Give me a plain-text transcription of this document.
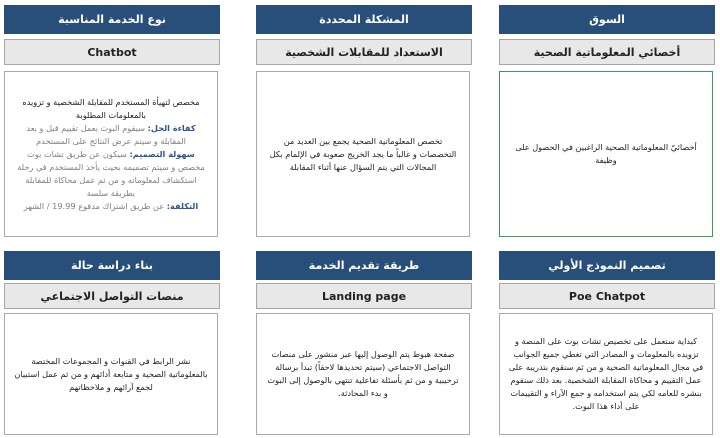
السوق
أخصائي المعلوماتية الصحية
أخصائيّ المعلوماتية الصحية الراغبين في الحصول على وظيفة
المشكلة المحددة
الاستعداد للمقابلات الشخصية
تخصص المعلوماتية الصحية يجمع بين العديد من التخصصات و غالباً ما يجد الخريج صعوبة في الإلمام بكل المجالات التي يتم السؤال عنها أثناء المقابلة
نوع الخدمة المناسبة
Chatbot
مخصص لتهيأة المستخدم للمقابلة الشخصية و تزويده بالمعلومات المطلوبة
كفاءة الحل: سيقوم البوت بعمل تقييم قبل و بعد المقابلة و سيتم عرض النتائج على المستخدم
سهولة التصميم: سيكون عن طريق تشات بوت مخصص و سيتم تصميمه بحيث يأخذ المستخدم في رحلة استكشاف لمعلوماته و من ثم عمل محاكاة للمقابلة بطريقة سلسة
التكلفة: عن طريق اشتراك مدفوع 19.99 / الشهر
تصميم النموذج الأولي
Poe Chatpot
كبداية سنعمل على تخصيص تشات بوت على المنصة و تزويده بالمعلومات و المصادر التي تغطي جميع الجوانب في مجال المعلوماتية الصحية و من ثم سنقوم بتدريبه على عمل التقييم و محاكاة المقابلة الشخصية. بعد ذلك سنقوم بنشره للعامه لكي يتم استخدامه و جمع الآراء و التقييمات على أداء هذا البوت.
طريقة تقديم الخدمة
Landing page
صفحة هبوط يتم الوصول إليها عبر منشور على منصات التواصل الاجتماعي (سيتم تحديدها لاحقاً) تبدأ برسالة ترحيبية و من ثم بأسئلة تفاعلية تنتهي بالوصول إلى البوت و بدء المحادثة.
بناء دراسة حالة
منصات التواصل الاجتماعي
نشر الرابط في القنوات و المجموعات المختصة بالمعلوماتية الصحية و متابعة أدائهم و من ثم عمل استبيان لجمع آرائهم و ملاحظاتهم
